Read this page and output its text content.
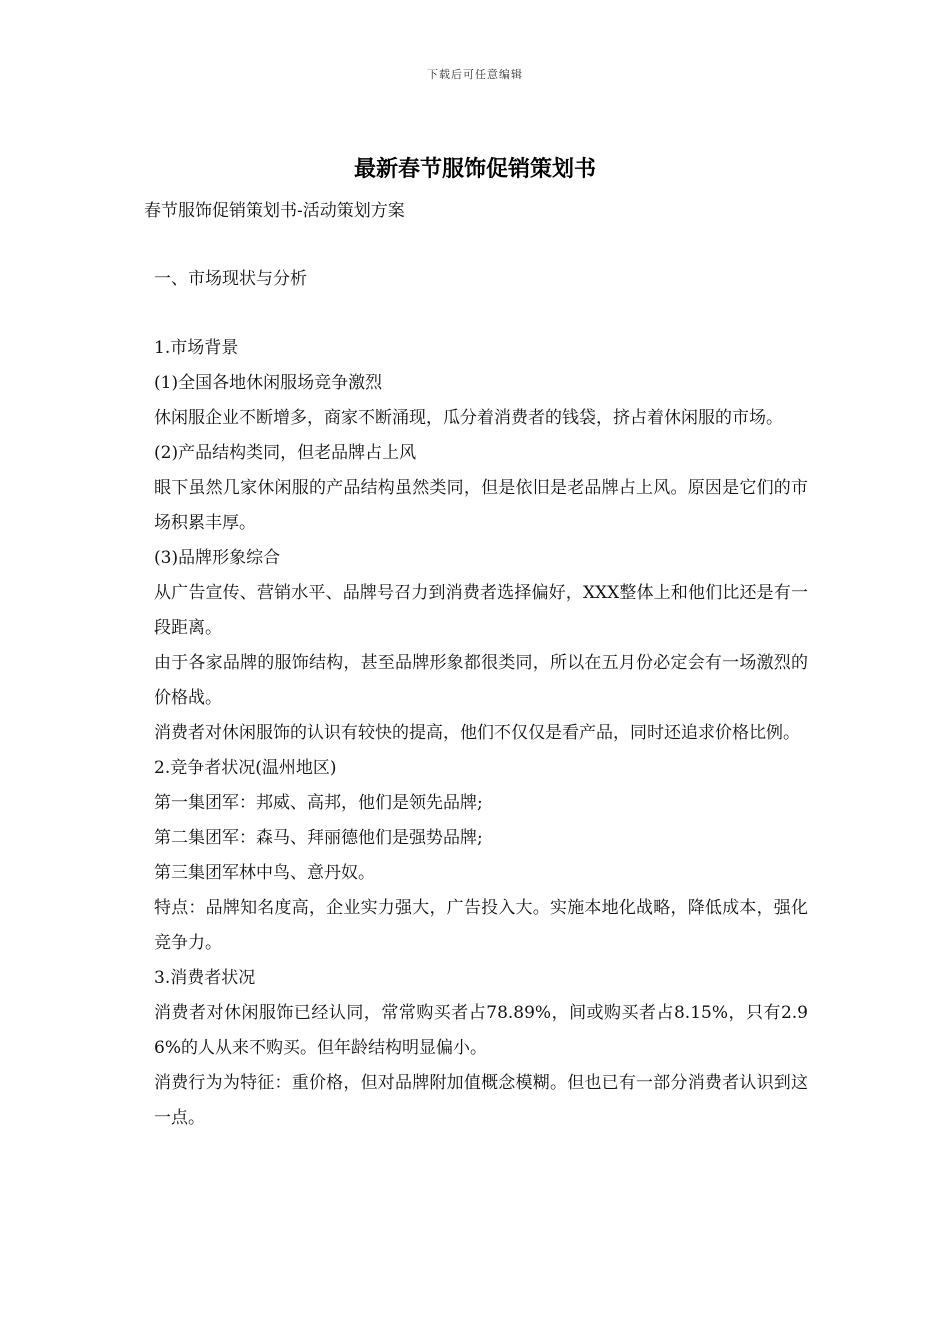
下载后可任意编辑
最新春节服饰促销策划书
春节服饰促销策划书-活动策划方案
一、市场现状与分析
1.市场背景
(1)全国各地休闲服场竞争激烈
休闲服企业不断增多，商家不断涌现，瓜分着消费者的钱袋，挤占着休闲服的市场。
(2)产品结构类同，但老品牌占上风
眼下虽然几家休闲服的产品结构虽然类同，但是依旧是老品牌占上风。原因是它们的市场积累丰厚。
(3)品牌形象综合
从广告宣传、营销水平、品牌号召力到消费者选择偏好，XXX整体上和他们比还是有一段距离。
由于各家品牌的服饰结构，甚至品牌形象都很类同，所以在五月份必定会有一场激烈的价格战。
消费者对休闲服饰的认识有较快的提高，他们不仅仅是看产品，同时还追求价格比例。
2.竞争者状况(温州地区)
第一集团军：邦威、高邦，他们是领先品牌;
第二集团军：森马、拜丽德他们是强势品牌;
第三集团军林中鸟、意丹奴。
特点：品牌知名度高，企业实力强大，广告投入大。实施本地化战略，降低成本，强化竞争力。
3.消费者状况
消费者对休闲服饰已经认同，常常购买者占78.89%，间或购买者占8.15%，只有2.96%的人从来不购买。但年龄结构明显偏小。
消费行为为特征：重价格，但对品牌附加值概念模糊。但也已有一部分消费者认识到这一点。
